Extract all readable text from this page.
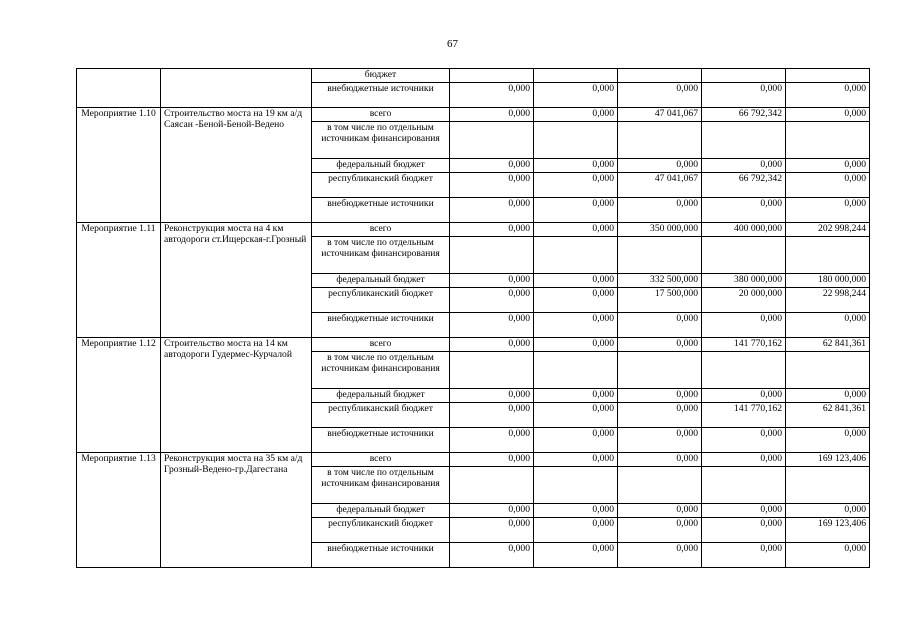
67
		бюджет					
		внебюджетные источники	0,000	0,000	0,000	0,000	0,000
Мероприятие 1.10	Строительство моста на 19 км а/д Саясан -Беной-Беной-Ведено	всего	0,000	0,000	47 041,067	66 792,342	0,000
		в том числе по отдельным источникам финансирования					
		федеральный бюджет	0,000	0,000	0,000	0,000	0,000
		республиканский бюджет	0,000	0,000	47 041,067	66 792,342	0,000
		внебюджетные источники	0,000	0,000	0,000	0,000	0,000
Мероприятие 1.11	Реконструкция моста на 4 км автодороги ст.Ищерская-г.Грозный	всего	0,000	0,000	350 000,000	400 000,000	202 998,244
		в том числе по отдельным источникам финансирования					
		федеральный бюджет	0,000	0,000	332 500,000	380 000,000	180 000,000
		республиканский бюджет	0,000	0,000	17 500,000	20 000,000	22 998,244
		внебюджетные источники	0,000	0,000	0,000	0,000	0,000
Мероприятие 1.12	Строительство моста на 14 км автодороги Гудермес-Курчалой	всего	0,000	0,000	0,000	141 770,162	62 841,361
		в том числе по отдельным источникам финансирования					
		федеральный бюджет	0,000	0,000	0,000	0,000	0,000
		республиканский бюджет	0,000	0,000	0,000	141 770,162	62 841,361
		внебюджетные источники	0,000	0,000	0,000	0,000	0,000
Мероприятие 1.13	Реконструкция моста на 35 км а/д Грозный-Ведено-гр.Дагестана	всего	0,000	0,000	0,000	0,000	169 123,406
		в том числе по отдельным источникам финансирования					
		федеральный бюджет	0,000	0,000	0,000	0,000	0,000
		республиканский бюджет	0,000	0,000	0,000	0,000	169 123,406
		внебюджетные источники	0,000	0,000	0,000	0,000	0,000
